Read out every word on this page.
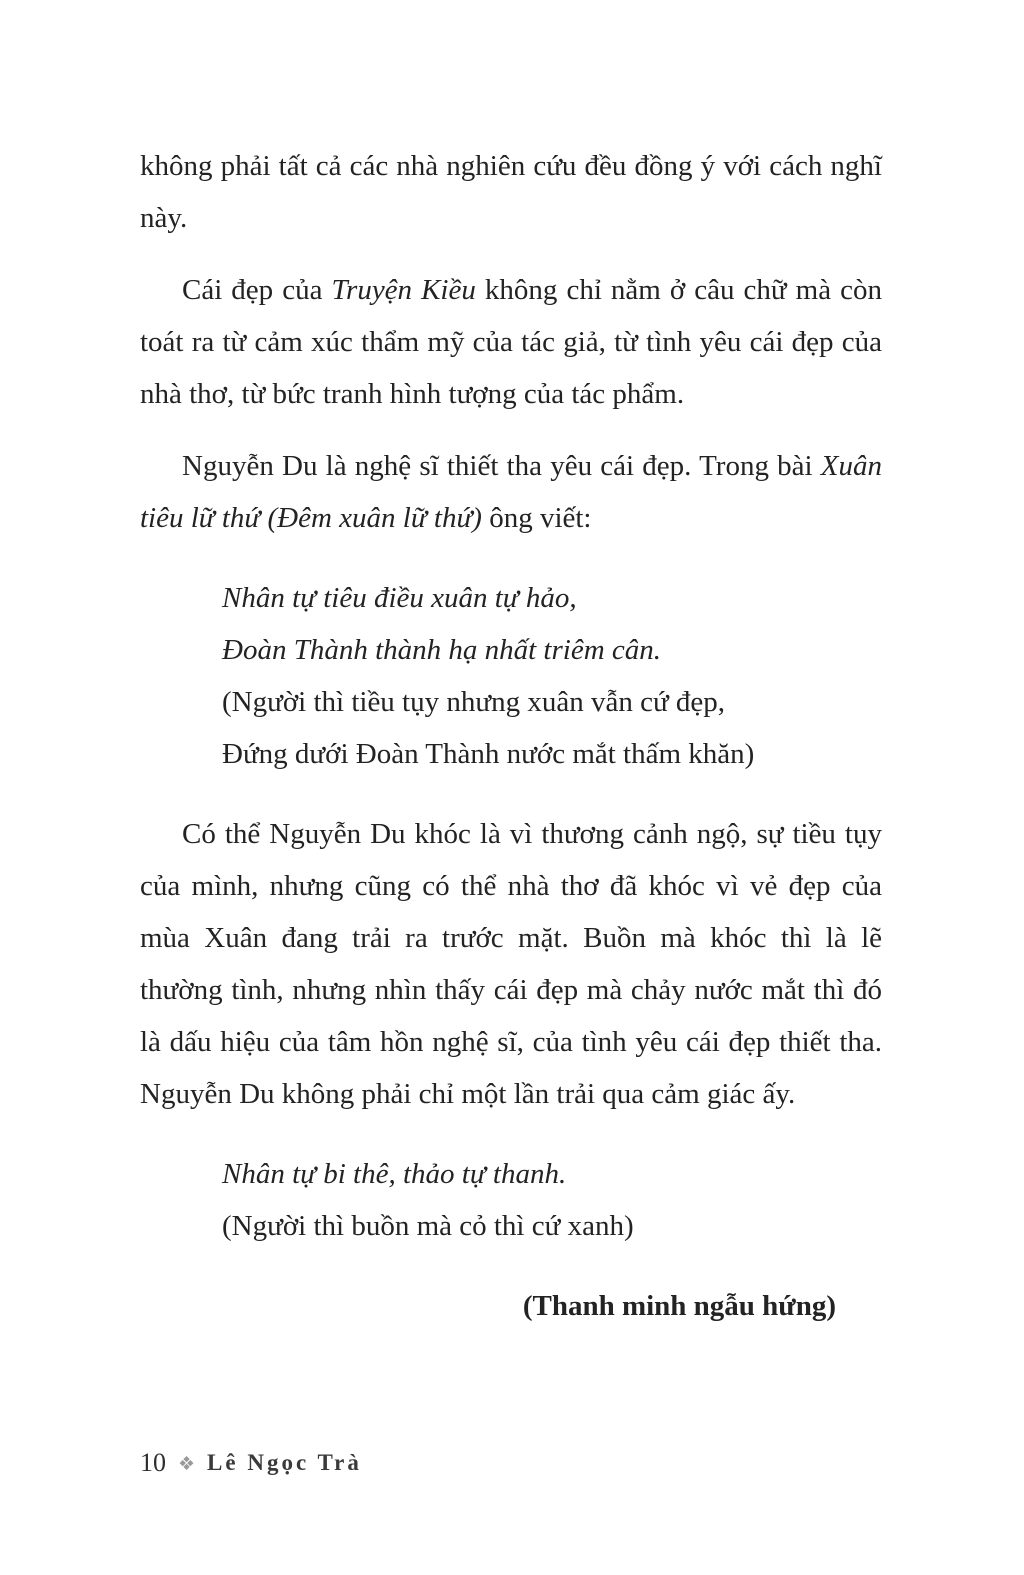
không phải tất cả các nhà nghiên cứu đều đồng ý với cách nghĩ này.

Cái đẹp của Truyện Kiều không chỉ nằm ở câu chữ mà còn toát ra từ cảm xúc thẩm mỹ của tác giả, từ tình yêu cái đẹp của nhà thơ, từ bức tranh hình tượng của tác phẩm.

Nguyễn Du là nghệ sĩ thiết tha yêu cái đẹp. Trong bài Xuân tiêu lữ thứ (Đêm xuân lữ thứ) ông viết:

Nhân tự tiêu điều xuân tự hảo,
Đoàn Thành thành hạ nhất triêm cân.
(Người thì tiều tụy nhưng xuân vẫn cứ đẹp,
Đứng dưới Đoàn Thành nước mắt thấm khăn)

Có thể Nguyễn Du khóc là vì thương cảnh ngộ, sự tiều tụy của mình, nhưng cũng có thể nhà thơ đã khóc vì vẻ đẹp của mùa Xuân đang trải ra trước mặt. Buồn mà khóc thì là lẽ thường tình, nhưng nhìn thấy cái đẹp mà chảy nước mắt thì đó là dấu hiệu của tâm hồn nghệ sĩ, của tình yêu cái đẹp thiết tha. Nguyễn Du không phải chỉ một lần trải qua cảm giác ấy.

Nhân tự bi thê, thảo tự thanh.
(Người thì buồn mà cỏ thì cứ xanh)
(Thanh minh ngẫu hứng)
10 ❖ Lê Ngọc Trà
